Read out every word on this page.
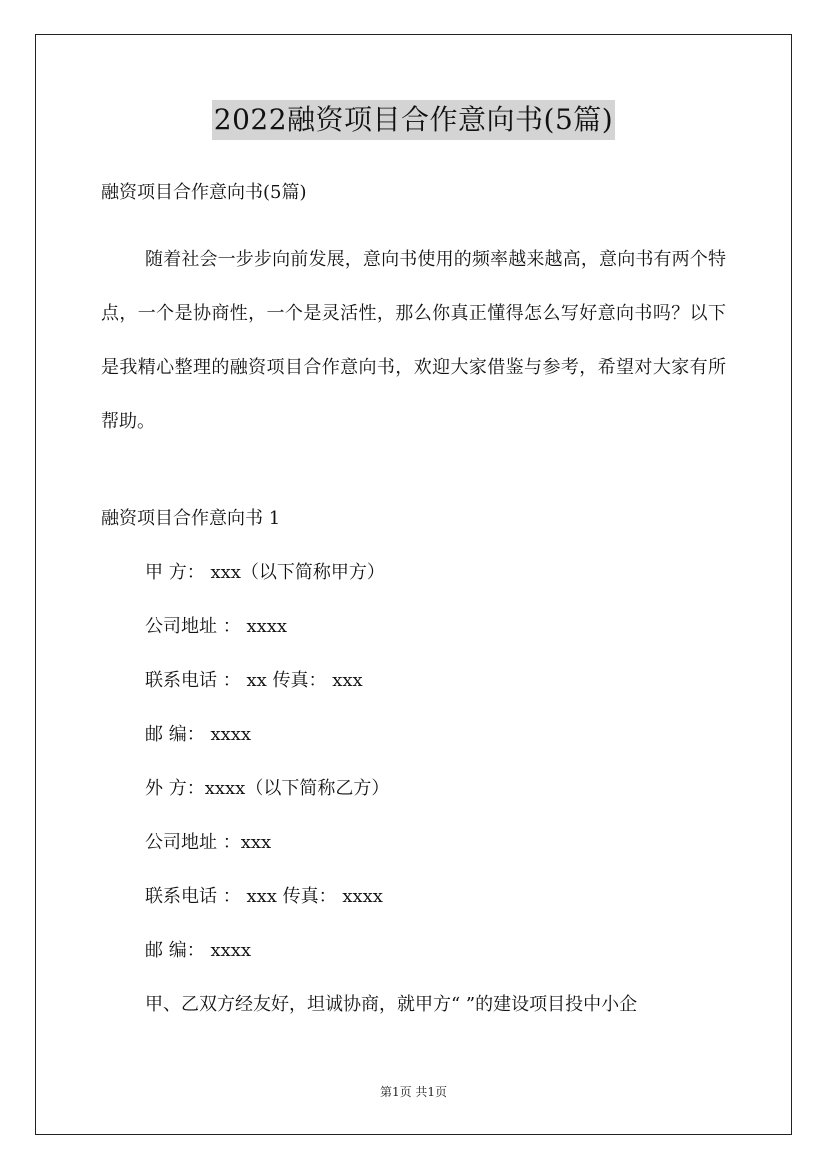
2022融资项目合作意向书(5篇)
融资项目合作意向书(5篇)

随着社会一步步向前发展，意向书使用的频率越来越高，意向书有两个特点，一个是协商性，一个是灵活性，那么你真正懂得怎么写好意向书吗？以下是我精心整理的融资项目合作意向书，欢迎大家借鉴与参考，希望对大家有所帮助。

融资项目合作意向书 1
甲 方： xxx（以下简称甲方）
公司地址 ： xxxx
联系电话 ： xx 传真： xxx
邮 编： xxxx
外 方：xxxx（以下简称乙方）
公司地址 ：xxx
联系电话 ： xxx 传真： xxxx
邮 编： xxxx
甲、乙双方经友好，坦诚协商，就甲方“ ”的建设项目投中小企
第1页 共1页
